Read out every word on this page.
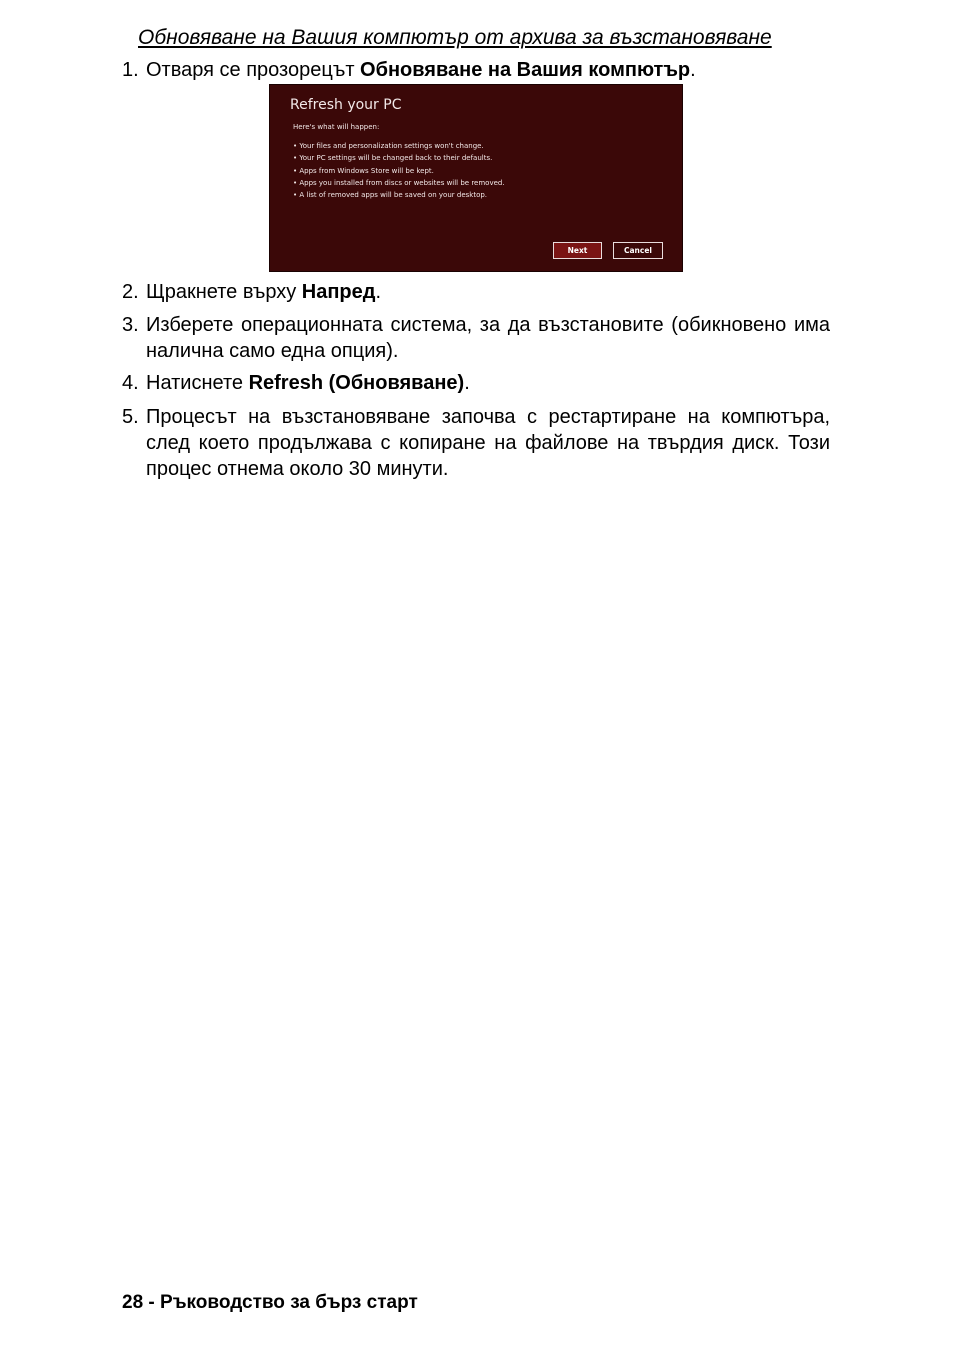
Обновяване на Вашия компютър от архива за възстановяване
1. Отваря се прозорецът Обновяване на Вашия компютър.
Refresh your PC
Here's what will happen:
• Your files and personalization settings won't change.
• Your PC settings will be changed back to their defaults.
• Apps from Windows Store will be kept.
• Apps you installed from discs or websites will be removed.
• A list of removed apps will be saved on your desktop.
Next	Cancel
2. Щракнете върху Напред.
3. Изберете операционната система, за да възстановите (обикновено има налична само една опция).
4. Натиснете Refresh (Обновяване).
5. Процесът на възстановяване започва с рестартиране на компютъра, след което продължава с копиране на файлове на твърдия диск. Този процес отнема около 30 минути.
28 - Ръководство за бърз старт
